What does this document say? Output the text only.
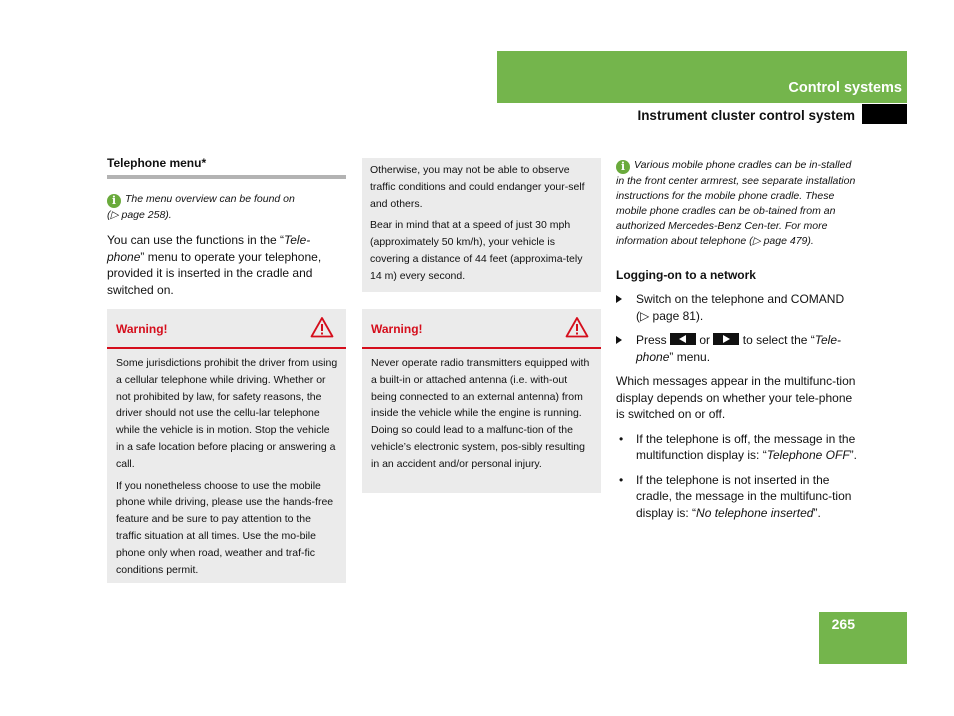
Control systems
Instrument cluster control system
Telephone menu*
i The menu overview can be found on
(▷ page 258).
You can use the functions in the “Tele-phone” menu to operate your telephone, provided it is inserted in the cradle and switched on.
Warning!

Some jurisdictions prohibit the driver from using a cellular telephone while driving. Whether or not prohibited by law, for safety reasons, the driver should not use the cellu-lar telephone while the vehicle is in motion. Stop the vehicle in a safe location before placing or answering a call.

If you nonetheless choose to use the mobile phone while driving, please use the hands-free feature and be sure to pay attention to the traffic situation at all times. Use the mo-bile phone only when road, weather and traf-fic conditions permit.

Otherwise, you may not be able to observe traffic conditions and could endanger your-self and others.

Bear in mind that at a speed of just 30 mph (approximately 50 km/h), your vehicle is covering a distance of 44 feet (approxima-tely 14 m) every second.

Warning!

Never operate radio transmitters equipped with a built-in or attached antenna (i.e. with-out being connected to an external antenna) from inside the vehicle while the engine is running. Doing so could lead to a malfunc-tion of the vehicle’s electronic system, pos-sibly resulting in an accident and/or personal injury.

i Various mobile phone cradles can be in-stalled in the front center armrest, see separate installation instructions for the mobile phone cradle. These mobile phone cradles can be ob-tained from an authorized Mercedes-Benz Cen-ter. For more information about telephone (▷ page 479).
Logging-on to a network
Switch on the telephone and COMAND (▷ page 81).
Press	or	to select the “Tele-phone” menu.
Which messages appear in the multifunc-tion display depends on whether your tele-phone is switched on or off.
• If the telephone is off, the message in the multifunction display is: “Telephone OFF”.
• If the telephone is not inserted in the cradle, the message in the multifunc-tion display is: “No telephone inserted”.
265
